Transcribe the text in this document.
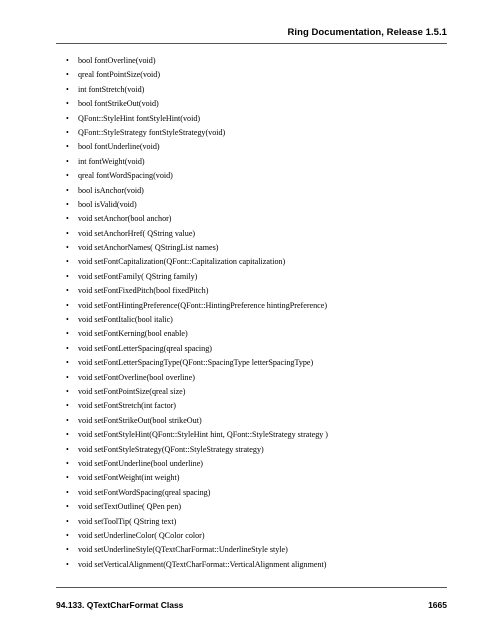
Ring Documentation, Release 1.5.1
• bool fontOverline(void)
• qreal fontPointSize(void)
• int fontStretch(void)
• bool fontStrikeOut(void)
• QFont::StyleHint fontStyleHint(void)
• QFont::StyleStrategy fontStyleStrategy(void)
• bool fontUnderline(void)
• int fontWeight(void)
• qreal fontWordSpacing(void)
• bool isAnchor(void)
• bool isValid(void)
• void setAnchor(bool anchor)
• void setAnchorHref( QString value)
• void setAnchorNames( QStringList names)
• void setFontCapitalization(QFont::Capitalization capitalization)
• void setFontFamily( QString family)
• void setFontFixedPitch(bool fixedPitch)
• void setFontHintingPreference(QFont::HintingPreference hintingPreference)
• void setFontItalic(bool italic)
• void setFontKerning(bool enable)
• void setFontLetterSpacing(qreal spacing)
• void setFontLetterSpacingType(QFont::SpacingType letterSpacingType)
• void setFontOverline(bool overline)
• void setFontPointSize(qreal size)
• void setFontStretch(int factor)
• void setFontStrikeOut(bool strikeOut)
• void setFontStyleHint(QFont::StyleHint hint, QFont::StyleStrategy strategy )
• void setFontStyleStrategy(QFont::StyleStrategy strategy)
• void setFontUnderline(bool underline)
• void setFontWeight(int weight)
• void setFontWordSpacing(qreal spacing)
• void setTextOutline( QPen pen)
• void setToolTip( QString text)
• void setUnderlineColor( QColor color)
• void setUnderlineStyle(QTextCharFormat::UnderlineStyle style)
• void setVerticalAlignment(QTextCharFormat::VerticalAlignment alignment)
94.133. QTextCharFormat Class	1665
